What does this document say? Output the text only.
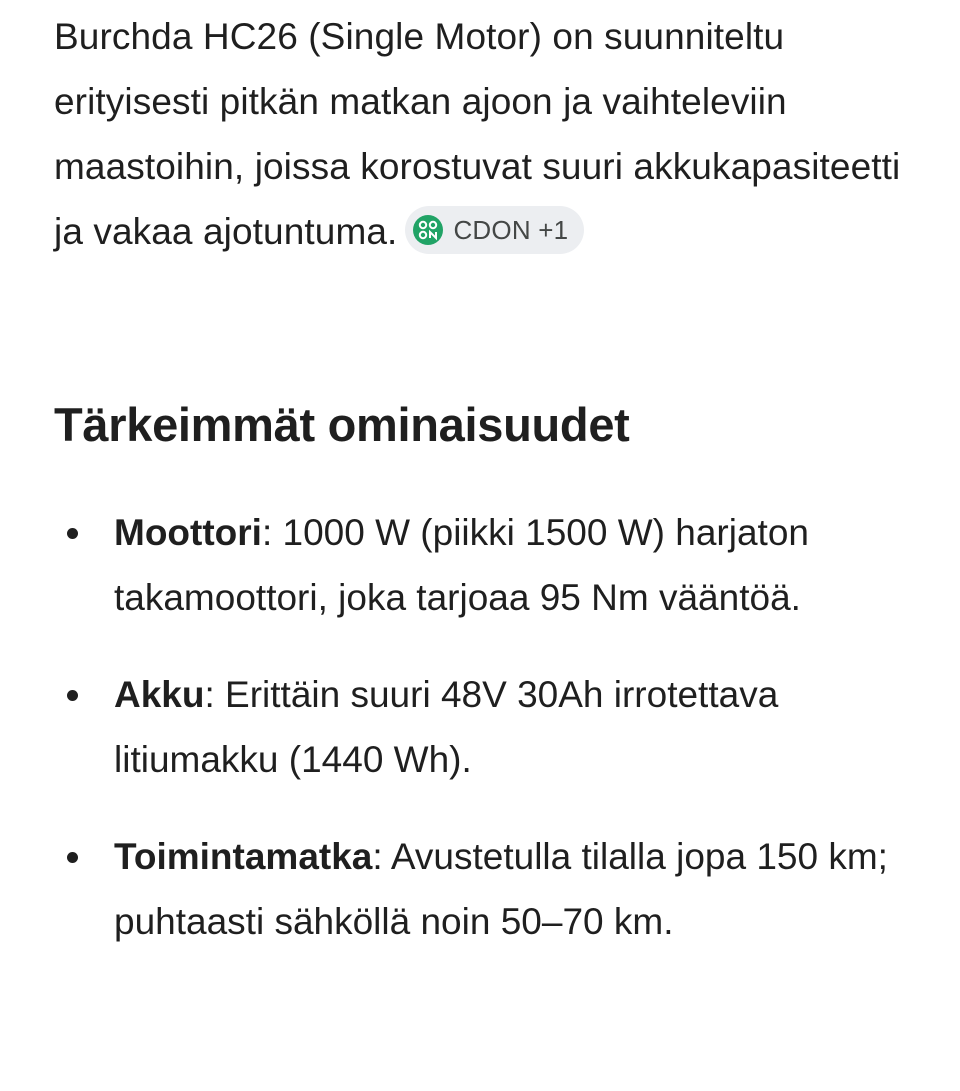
Burchda HC26 (Single Motor) on suunniteltu erityisesti pitkän matkan ajoon ja vaihteleviin maastoihin, joissa korostuvat suuri akkukapasiteetti ja vakaa ajotuntuma. CDON +1

Tärkeimmät ominaisuudet
Moottori: 1000 W (piikki 1500 W) harjaton takamoottori, joka tarjoaa 95 Nm vääntöä.
Akku: Erittäin suuri 48V 30Ah irrotettava litiumakku (1440 Wh).
Toimintamatka: Avustetulla tilalla jopa 150 km; puhtaasti sähköllä noin 50–70 km.
